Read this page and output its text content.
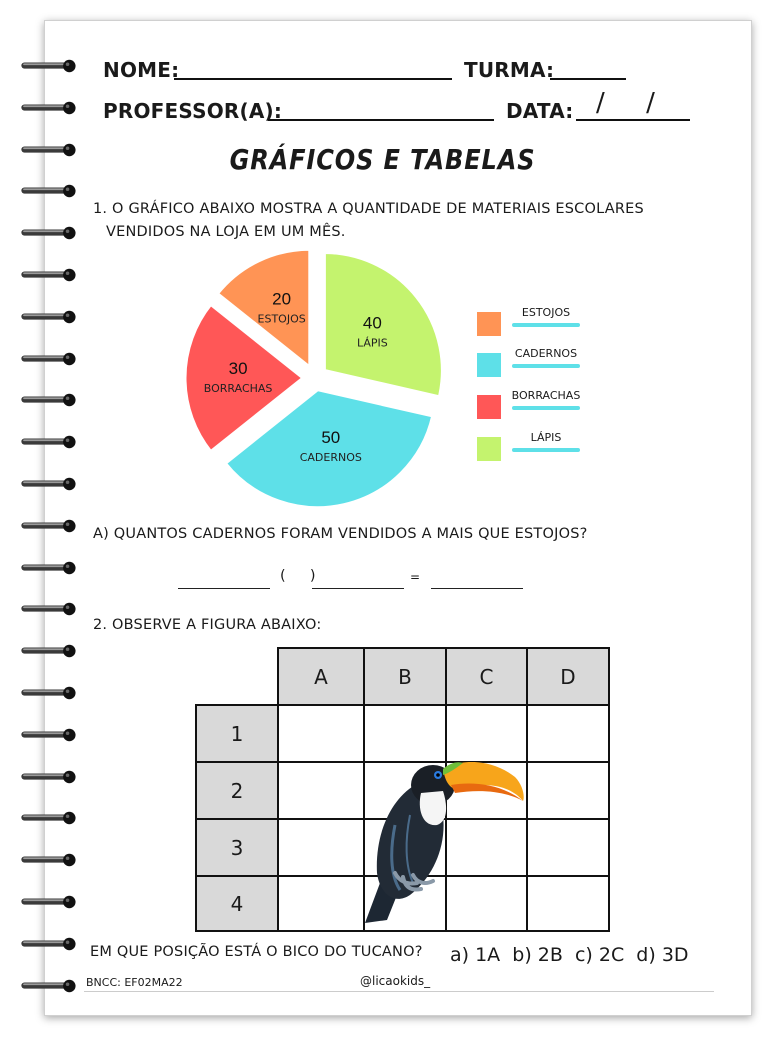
NOME:	TURMA:
PROFESSOR(A):	DATA: /     /
GRÁFICOS E TABELAS
1. O GRÁFICO ABAIXO MOSTRA A QUANTIDADE DE MATERIAIS ESCOLARES
VENDIDOS NA LOJA EM UM MÊS.
20
ESTOJOS	40
LÁPIS
50
CADERNOS
30
BORRACHAS
ESTOJOS
CADERNOS
BORRACHAS
LÁPIS
A) QUANTOS CADERNOS FORAM VENDIDOS A MAIS QUE ESTOJOS?
(     )	=
2. OBSERVE A FIGURA ABAIXO:
	A	B	C	D
1				
2				
3				
4				
EM QUE POSIÇÃO ESTÁ O BICO DO TUCANO? a) 1A  b) 2B  c) 2C  d) 3D
BNCC: EF02MA22	@licaokids_
